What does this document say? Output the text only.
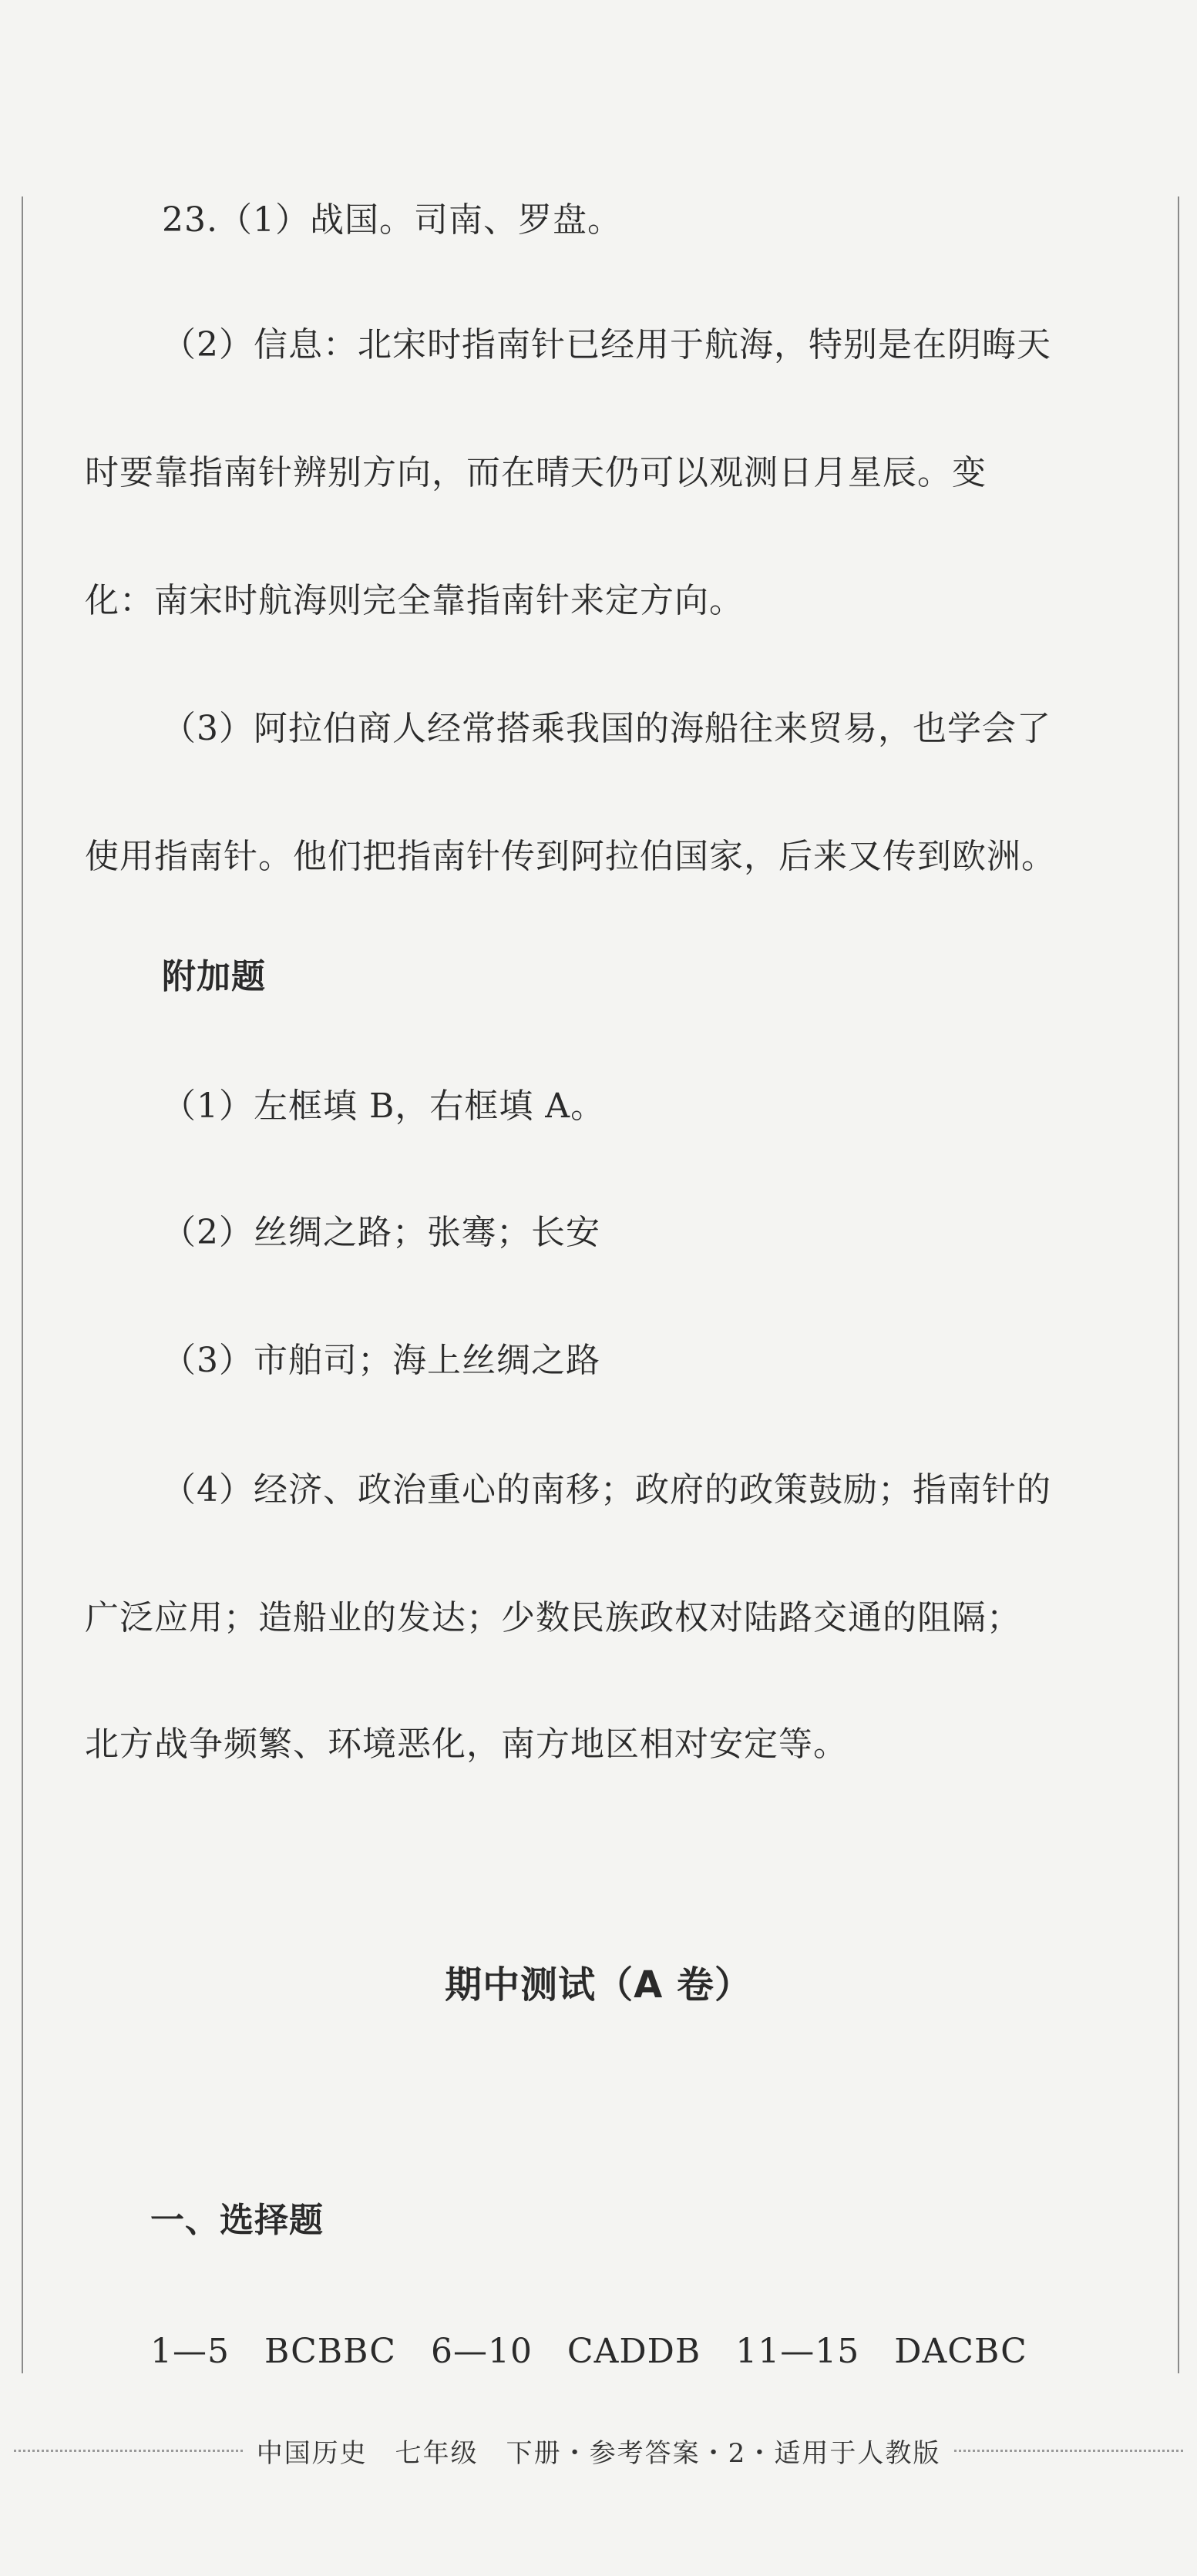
23.（1）战国。司南、罗盘。
（2）信息：北宋时指南针已经用于航海，特别是在阴晦天
时要靠指南针辨别方向，而在晴天仍可以观测日月星辰。变
化：南宋时航海则完全靠指南针来定方向。
（3）阿拉伯商人经常搭乘我国的海船往来贸易，也学会了
使用指南针。他们把指南针传到阿拉伯国家，后来又传到欧洲。
附加题
（1）左框填 B，右框填 A。
（2）丝绸之路；张骞；长安
（3）市舶司；海上丝绸之路
（4）经济、政治重心的南移；政府的政策鼓励；指南针的
广泛应用；造船业的发达；少数民族政权对陆路交通的阻隔；
北方战争频繁、环境恶化，南方地区相对安定等。
期中测试（A 卷）
一、选择题
1—5　BCBBC　6—10　CADDB　11—15　DACBC
中国历史　七年级　下册・参考答案・2・适用于人教版
